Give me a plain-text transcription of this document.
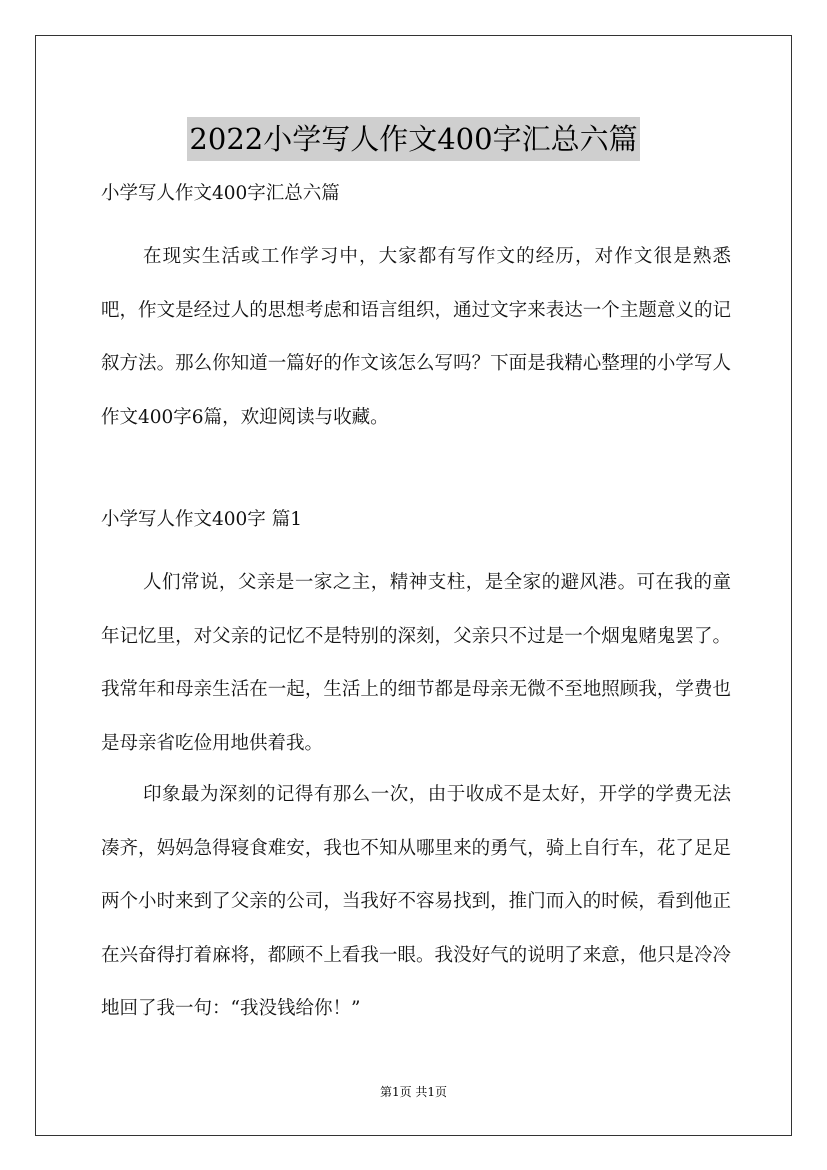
2022小学写人作文400字汇总六篇

小学写人作文400字汇总六篇

在现实生活或工作学习中，大家都有写作文的经历，对作文很是熟悉吧，作文是经过人的思想考虑和语言组织，通过文字来表达一个主题意义的记叙方法。那么你知道一篇好的作文该怎么写吗？下面是我精心整理的小学写人作文400字6篇，欢迎阅读与收藏。

小学写人作文400字 篇1

人们常说，父亲是一家之主，精神支柱，是全家的避风港。可在我的童年记忆里，对父亲的记忆不是特别的深刻，父亲只不过是一个烟鬼赌鬼罢了。我常年和母亲生活在一起，生活上的细节都是母亲无微不至地照顾我，学费也是母亲省吃俭用地供着我。

印象最为深刻的记得有那么一次，由于收成不是太好，开学的学费无法凑齐，妈妈急得寝食难安，我也不知从哪里来的勇气，骑上自行车，花了足足两个小时来到了父亲的公司，当我好不容易找到，推门而入的时候，看到他正在兴奋得打着麻将，都顾不上看我一眼。我没好气的说明了来意，他只是冷冷地回了我一句：“我没钱给你！”

第1页 共1页
